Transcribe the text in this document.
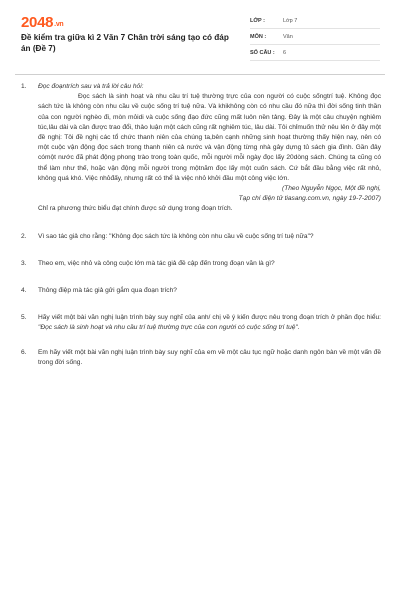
2048.vn
Đề kiểm tra giữa kì 2 Văn 7 Chân trời sáng tạo có đáp án (Đề 7)
LỚP :	Lớp 7
MÔN :	Văn
SỐ CÂU :	6
1.	Đọc đoạntrích sau và trả lời câu hỏi:
Đọc sách là sinh hoạt và nhu cầu trí tuệ thường trực của con người có cuộc sốngtrí tuệ. Không đọc sách tức là không còn nhu cầu về cuộc sống trí tuệ nữa. Và khikhông còn có nhu cầu đó nữa thì đời sống tinh thần của con người nghèo đi, mòn mỏidi và cuộc sống đạo đức cũng mất luôn nền tảng. Đây là một câu chuyện nghiêm túc,lâu dài và cần được trao đổi, thảo luận một cách cũng rất nghiêm túc, lâu dài. Tôi chỉmuốn thử nêu lên ở đây một đề nghị: Tôi đề nghị các tổ chức thanh niên của chúng ta,bên cạnh những sinh hoạt thường thấy hiện nay, nên có một cuộc vận động đọc sách trong thanh niên cả nước và vận động từng nhà gây dựng tủ sách gia đình. Gần đây cómột nước đã phát động phong trào trong toàn quốc, mỗi người mỗi ngày đọc lấy 20dòng sách. Chúng ta cũng có thể làm như thế, hoặc vận động mỗi người trong mộtnăm đọc lấy một cuốn sách. Cứ bắt đầu bằng việc rất nhỏ, không quá khó. Việc nhỏđấy, nhưng rất có thể là việc nhỏ khởi đầu một công việc lớn.
(Theo Nguyễn Ngọc, Một đề nghị,
Tạp chí điện tử tiasang.com.vn, ngày 19-7-2007)
Chỉ ra phương thức biểu đạt chính được sử dụng trong đoạn trích.
2.	Vì sao tác giả cho rằng: "Không đọc sách tức là không còn nhu cầu về cuộc sống trí tuệ nữa"?
3.	Theo em, việc nhỏ và công cuộc lớn mà tác giả đề cập đến trong đoạn văn là gì?
4.	Thông điệp mà tác giả gửi gắm qua đoạn trích?
5.	Hãy viết một bài văn nghị luận trình bày suy nghĩ của anh/ chị về ý kiến được nêu trong đoạn trích ở phần đọc hiểu: "Đọc sách là sinh hoạt và nhu cầu trí tuệ thường trực của con người có cuộc sống trí tuệ".
6.	Em hãy viết một bài văn nghị luận trình bày suy nghĩ của em về một câu tục ngữ hoặc danh ngôn bàn về một vấn đề trong đời sống.
